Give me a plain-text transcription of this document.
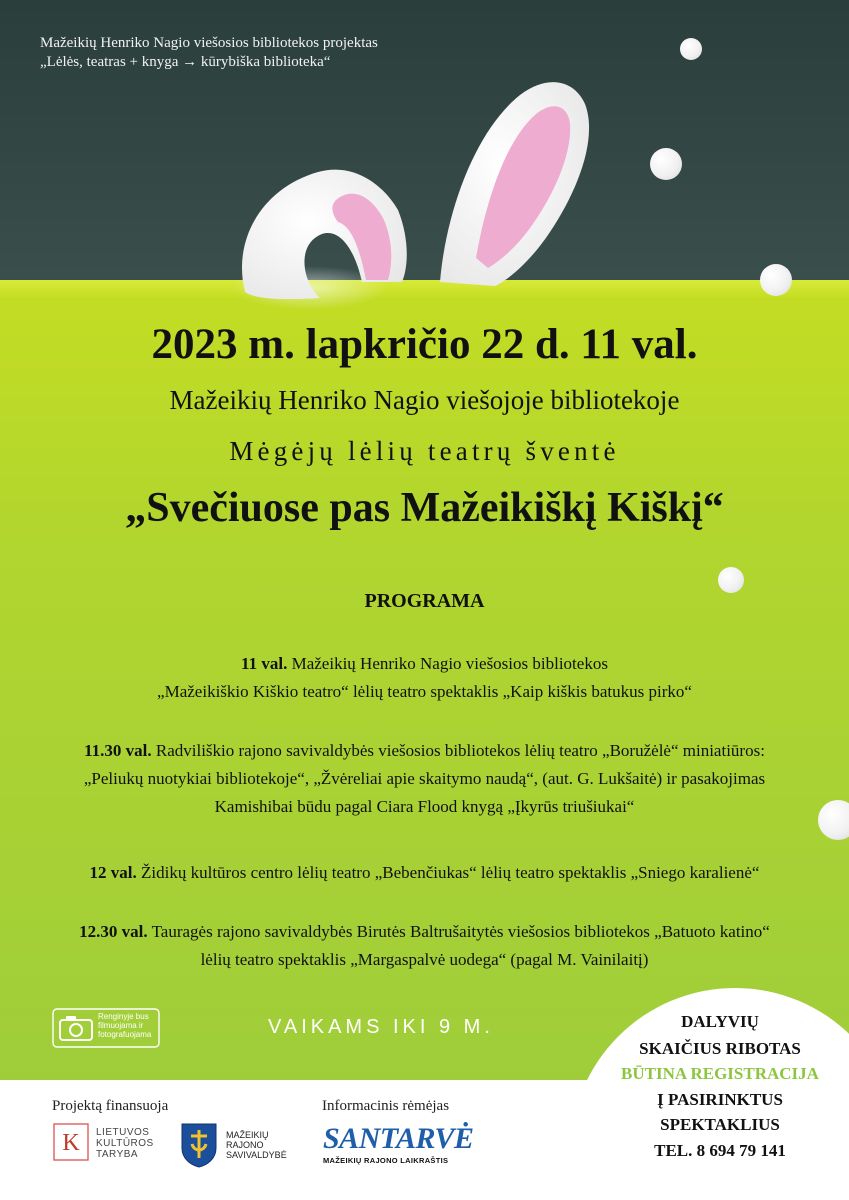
Mažeikių Henriko Nagio viešosios bibliotekos projektas
„Lėlės, teatras + knyga → kūrybiška biblioteka“
2023 m. lapkričio 22 d. 11 val.
Mažeikių Henriko Nagio viešojoje bibliotekoje
Mėgėjų lėlių teatrų šventė
„Svečiuose pas Mažeikiškį Kiškį“
PROGRAMA
11 val. Mažeikių Henriko Nagio viešosios bibliotekos
„Mažeikiškio Kiškio teatro“ lėlių teatro spektaklis „Kaip kiškis batukus pirko“
11.30 val. Radviliškio rajono savivaldybės viešosios bibliotekos lėlių teatro „Boružėlė“ miniatiūros:
„Peliukų nuotykiai bibliotekoje“, „Žvėreliai apie skaitymo naudą“, (aut. G. Lukšaitė) ir pasakojimas
Kamishibai būdu pagal Ciara Flood knygą „Įkyrūs triušiukai“
12 val. Židikų kultūros centro lėlių teatro „Bebenčiukas“ lėlių teatro spektaklis „Sniego karalienė“
12.30 val. Tauragės rajono savivaldybės Birutės Baltrušaitytės viešosios bibliotekos „Batuoto katino“
lėlių teatro spektaklis „Margaspalvė uodega“ (pagal M. Vainilaitį)
Renginyje bus filmuojama ir fotografuojama	VAIKAMS IKI 9 M.	DALYVIŲ
SKAIČIUS RIBOTAS
BŪTINA REGISTRACIJA
Į PASIRINKTUS
SPEKTAKLIUS
TEL. 8 694 79 141
Projektą finansuoja	Informacinis rėmėjas
K LIETUVOS
KULTŪROS
TARYBA
MAŽEIKIŲ
RAJONO
SAVIVALDYBĖ SANTARVĖ
MAŽEIKIŲ RAJONO LAIKRAŠTIS
